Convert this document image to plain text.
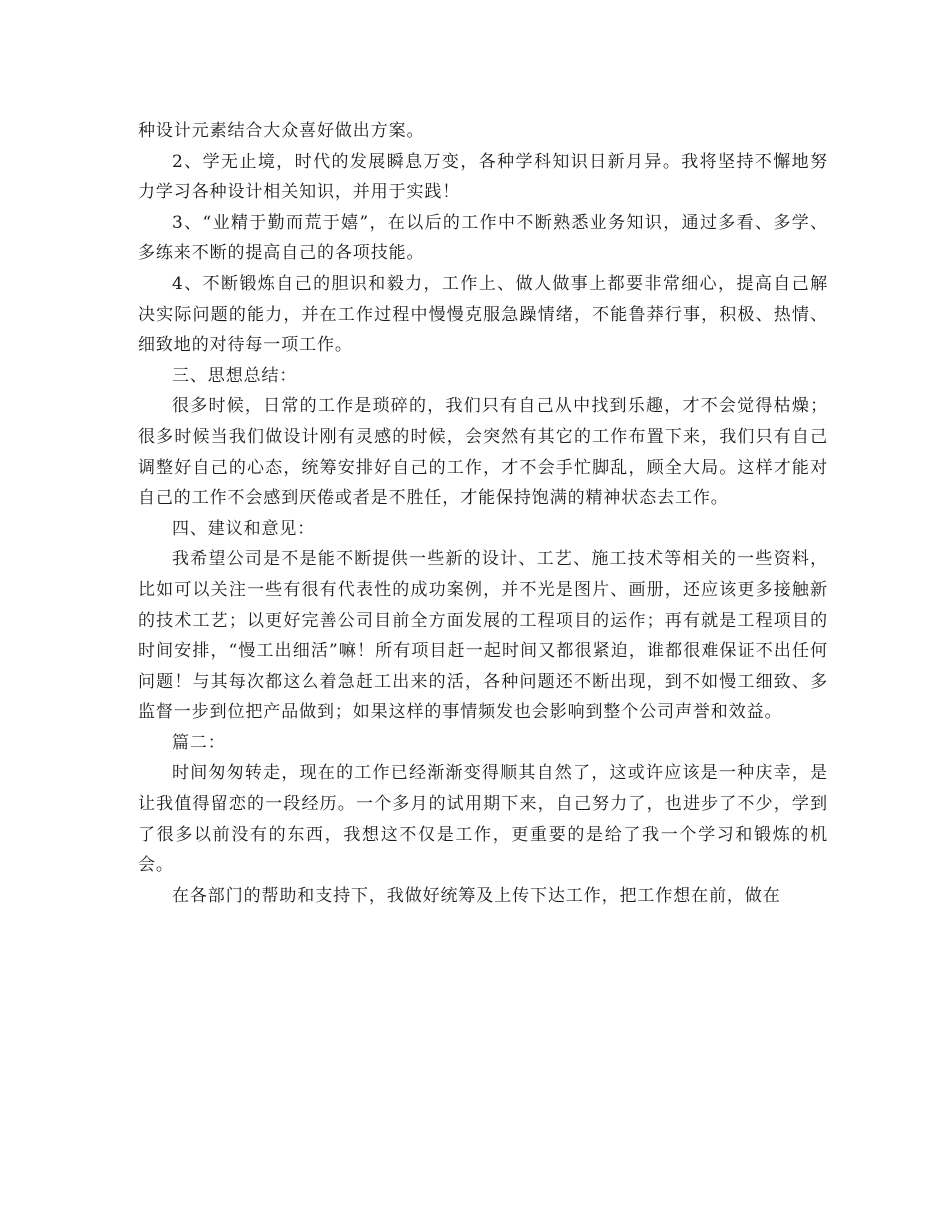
种设计元素结合大众喜好做出方案。

2、学无止境，时代的发展瞬息万变，各种学科知识日新月异。我将坚持不懈地努力学习各种设计相关知识，并用于实践！

3、“业精于勤而荒于嬉”，在以后的工作中不断熟悉业务知识，通过多看、多学、多练来不断的提高自己的各项技能。

4、不断锻炼自己的胆识和毅力，工作上、做人做事上都要非常细心，提高自己解决实际问题的能力，并在工作过程中慢慢克服急躁情绪，不能鲁莽行事，积极、热情、细致地的对待每一项工作。

三、思想总结：

很多时候，日常的工作是琐碎的，我们只有自己从中找到乐趣，才不会觉得枯燥；很多时候当我们做设计刚有灵感的时候，会突然有其它的工作布置下来，我们只有自己调整好自己的心态，统筹安排好自己的工作，才不会手忙脚乱，顾全大局。这样才能对自己的工作不会感到厌倦或者是不胜任，才能保持饱满的精神状态去工作。

四、建议和意见：

我希望公司是不是能不断提供一些新的设计、工艺、施工技术等相关的一些资料，比如可以关注一些有很有代表性的成功案例，并不光是图片、画册，还应该更多接触新的技术工艺；以更好完善公司目前全方面发展的工程项目的运作；再有就是工程项目的时间安排，“慢工出细活”嘛！所有项目赶一起时间又都很紧迫，谁都很难保证不出任何问题！与其每次都这么着急赶工出来的活，各种问题还不断出现，到不如慢工细致、多监督一步到位把产品做到；如果这样的事情频发也会影响到整个公司声誉和效益。

篇二：

时间匆匆转走，现在的工作已经渐渐变得顺其自然了，这或许应该是一种庆幸，是让我值得留恋的一段经历。一个多月的试用期下来，自己努力了，也进步了不少，学到了很多以前没有的东西，我想这不仅是工作，更重要的是给了我一个学习和锻炼的机会。

在各部门的帮助和支持下，我做好统筹及上传下达工作，把工作想在前，做在
